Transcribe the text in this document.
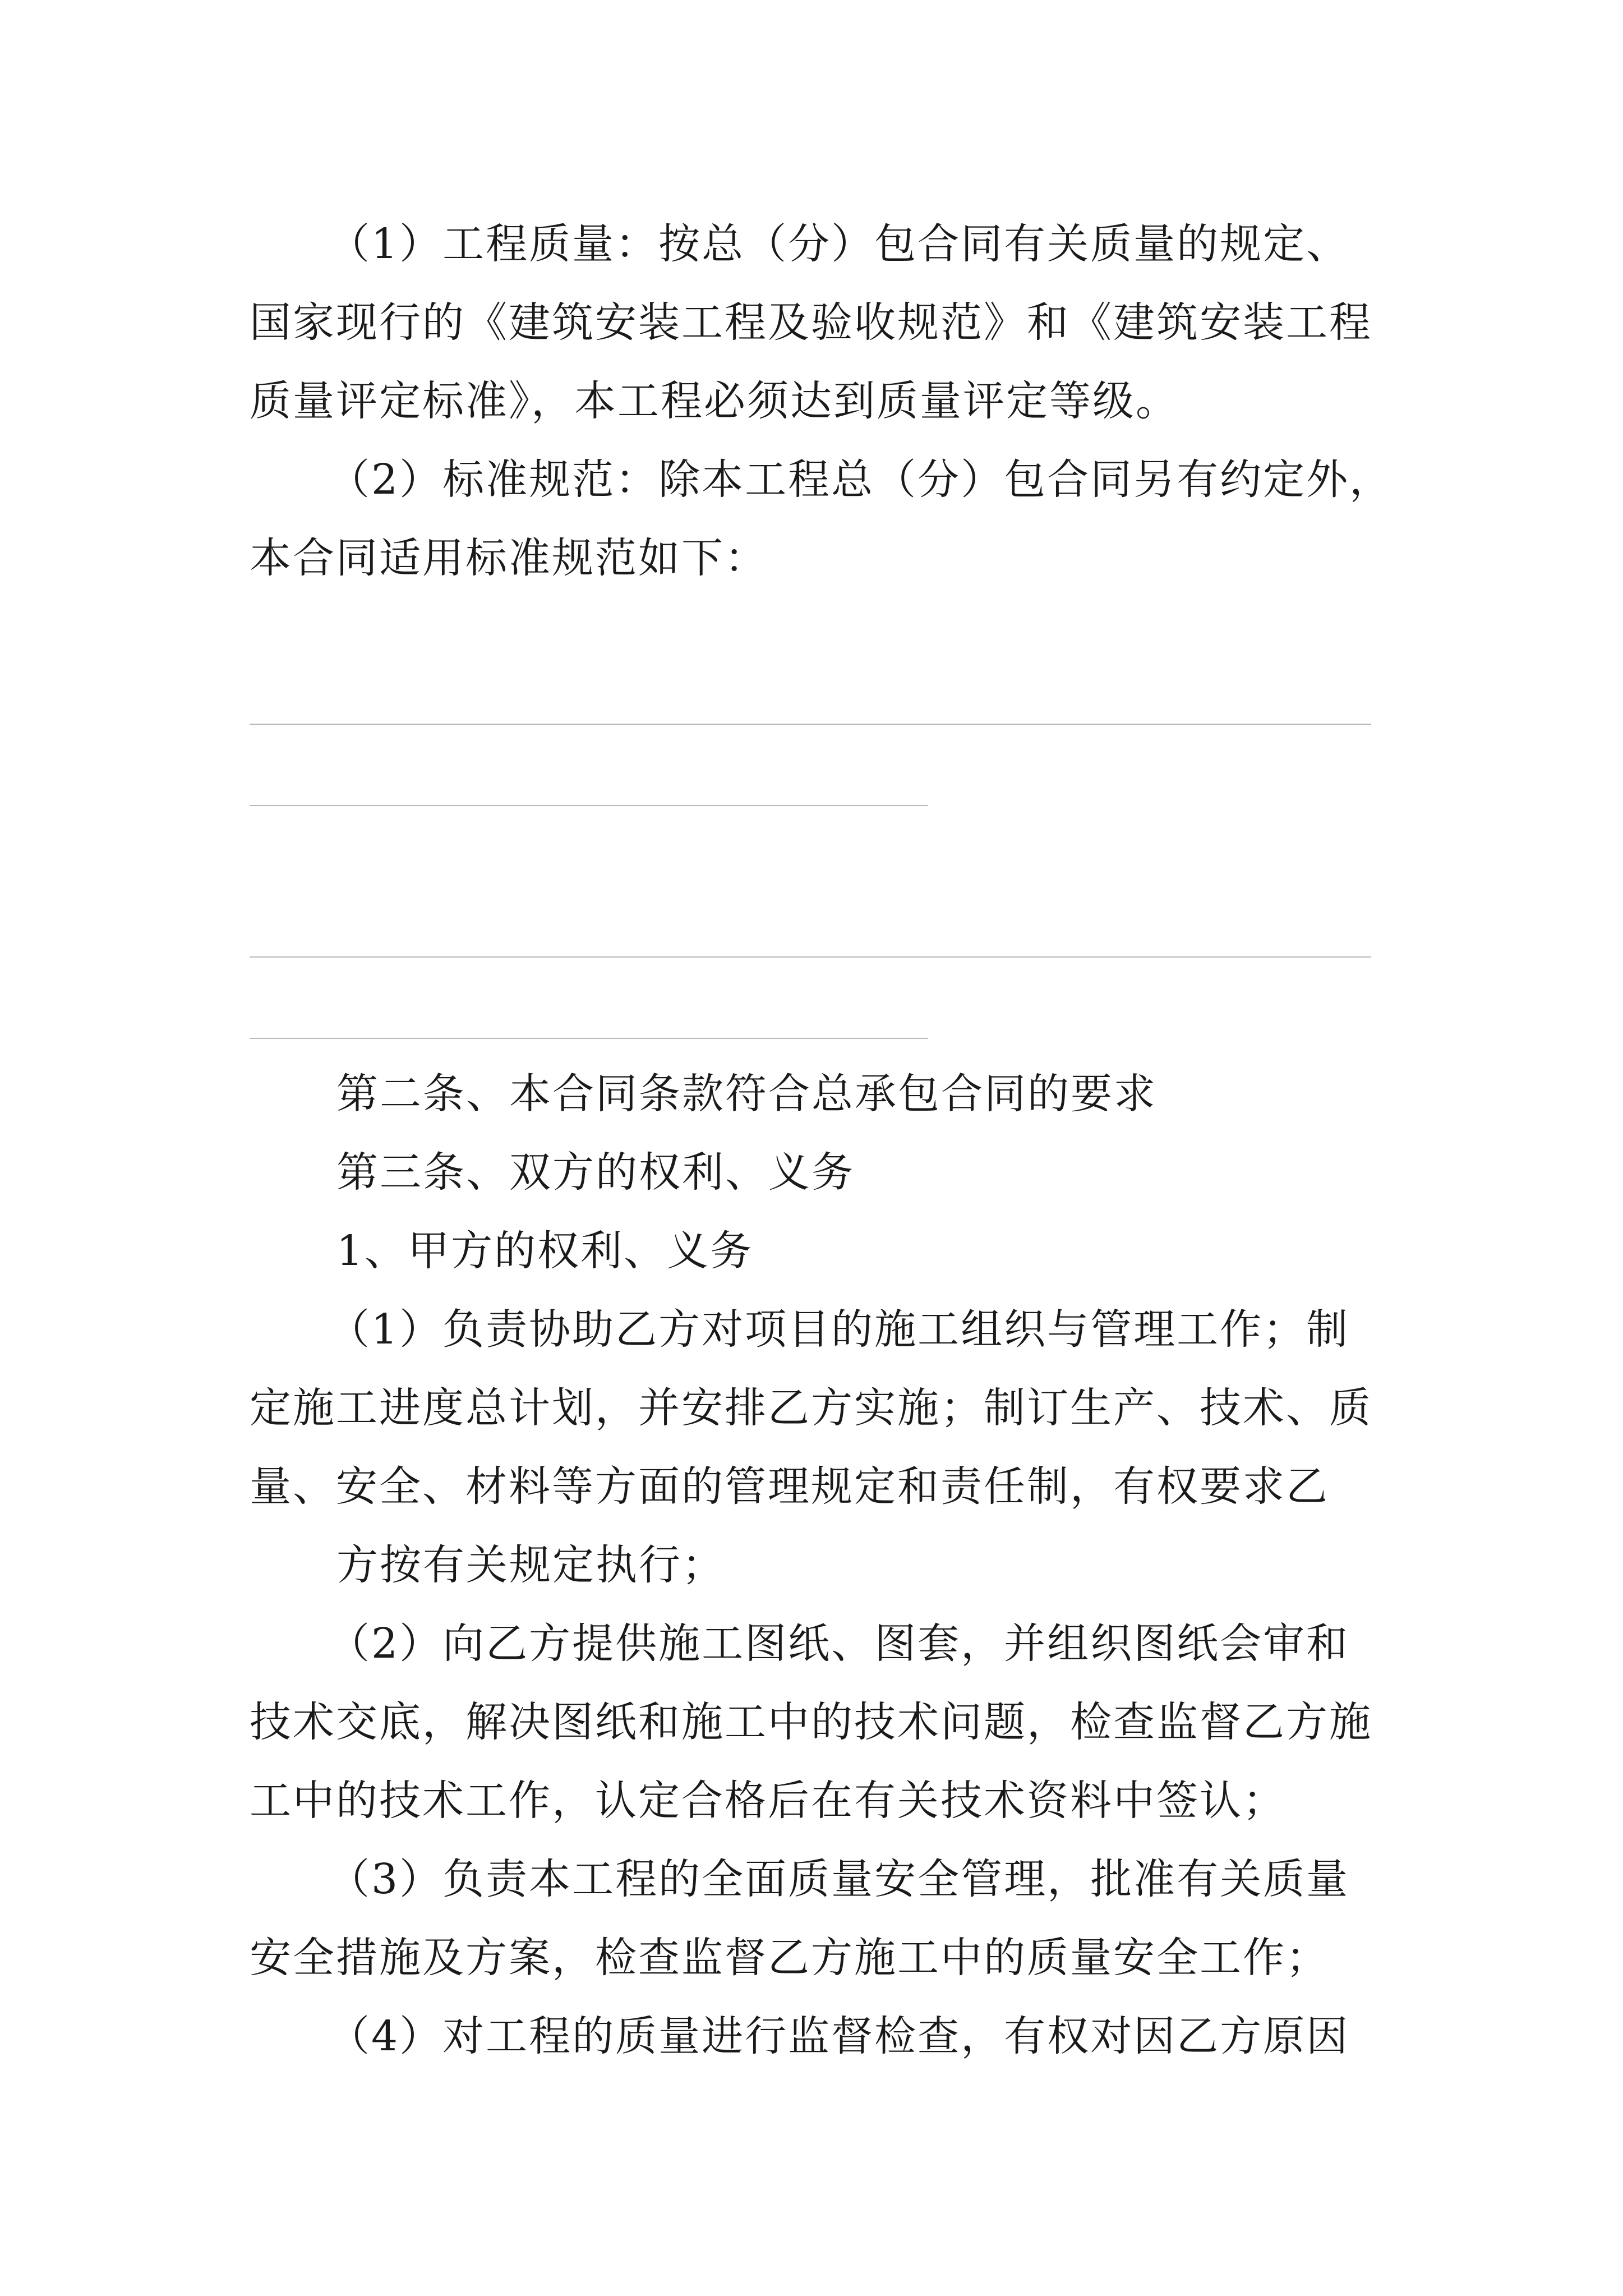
（1）工程质量：按总（分）包合同有关质量的规定、
国家现行的《建筑安装工程及验收规范》和《建筑安装工程
质量评定标准》，本工程必须达到质量评定等级。
（2）标准规范：除本工程总（分）包合同另有约定外，
本合同适用标准规范如下：
第二条、本合同条款符合总承包合同的要求
第三条、双方的权利、义务
1、甲方的权利、义务
（1）负责协助乙方对项目的施工组织与管理工作；制
定施工进度总计划，并安排乙方实施；制订生产、技术、质
量、安全、材料等方面的管理规定和责任制，有权要求乙
方按有关规定执行；
（2）向乙方提供施工图纸、图套，并组织图纸会审和
技术交底，解决图纸和施工中的技术问题，检查监督乙方施
工中的技术工作，认定合格后在有关技术资料中签认；
（3）负责本工程的全面质量安全管理，批准有关质量
安全措施及方案，检查监督乙方施工中的质量安全工作；
（4）对工程的质量进行监督检查，有权对因乙方原因
